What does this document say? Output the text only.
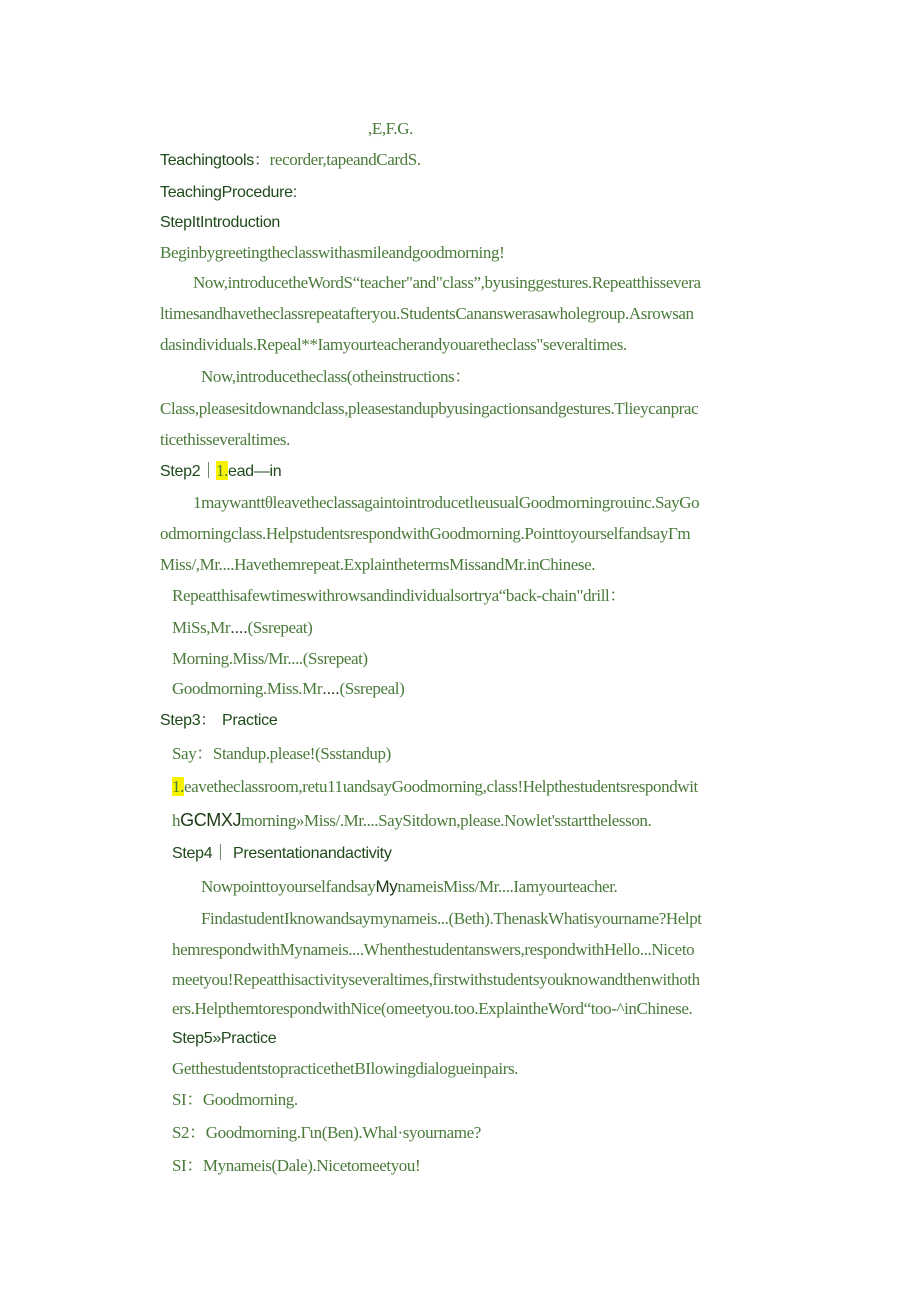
,E,F.G.
Teachingtools：recorder,tapeandCardS.
TeachingProcedure:
StepItIntroduction
Beginbygreetingtheclasswithasmileandgoodmorning!
Now,introducetheWordS“teacher"and"class”,byusinggestures.Repeatthissevera
ltimesandhavetheclassrepeatafteryou.StudentsCananswerasawholegroup.Asrowsan
dasindividuals.Repeal**Iamyourteacherandyouaretheclass"severaltimes.
Now,introducetheclass(otheinstructions：
Class,pleasesitdownandclass,pleasestandupbyusingactionsandgestures.Tlieycanprac
ticethisseveraltimes.
Step2｜1.ead—in
1maywanttθleavetheclassagaintointroducetlιeusualGoodmorningroιιinc.SayGo
odmorningclass.HelpstudentsrespondwithGoodmorning.PointtoyourselfandsayΓm
Miss/,Mr....Havethemrepeat.ExplainthetermsMissandMr.inChinese.
Repeatthisafewtimeswithrowsandindividualsortrya“back-chain"drill：
MiSs,Mr....(Ssrepeat)
Morning.Miss/Mr....(Ssrepeat)
Goodmorning.Miss.Mr....(Ssrepeal)
Step3： Practice
Say：Standup.please!(Ssstandup)
1.eavetheclassroom,retu11ιandsayGoodmorning,class!Helpthestudentsrespondwit
hGCMXJmorning»Miss/.Mr....SaySitdown,please.Nowlet'sstartthelesson.
Step4｜ Presentationandactivity
NowpointtoyourselfandsayMynameisMiss/Mr....Iamyourteacher.
FindastudentIknowandsaymynameis...(Beth).ThenaskWhatisyourname?Helpt
hemrespondwithMynameis....Whenthestudentanswers,respondwithHello...Niceto
meetyou!Repeatthisactivityseveraltimes,firstwithstudentsyouknowandthenwithoth
ers.HelpthemtorespondwithNice(omeetyou.too.ExplaintheWord“too-^inChinese.
Step5»Practice
GetthestudentstopracticethetBIlowingdialogueinpairs.
SI：Goodmorning.
S2：Goodmorning.Γιn(Ben).Whal·syourname?
SI：Mynameis(Dale).Nicetomeetyou!
